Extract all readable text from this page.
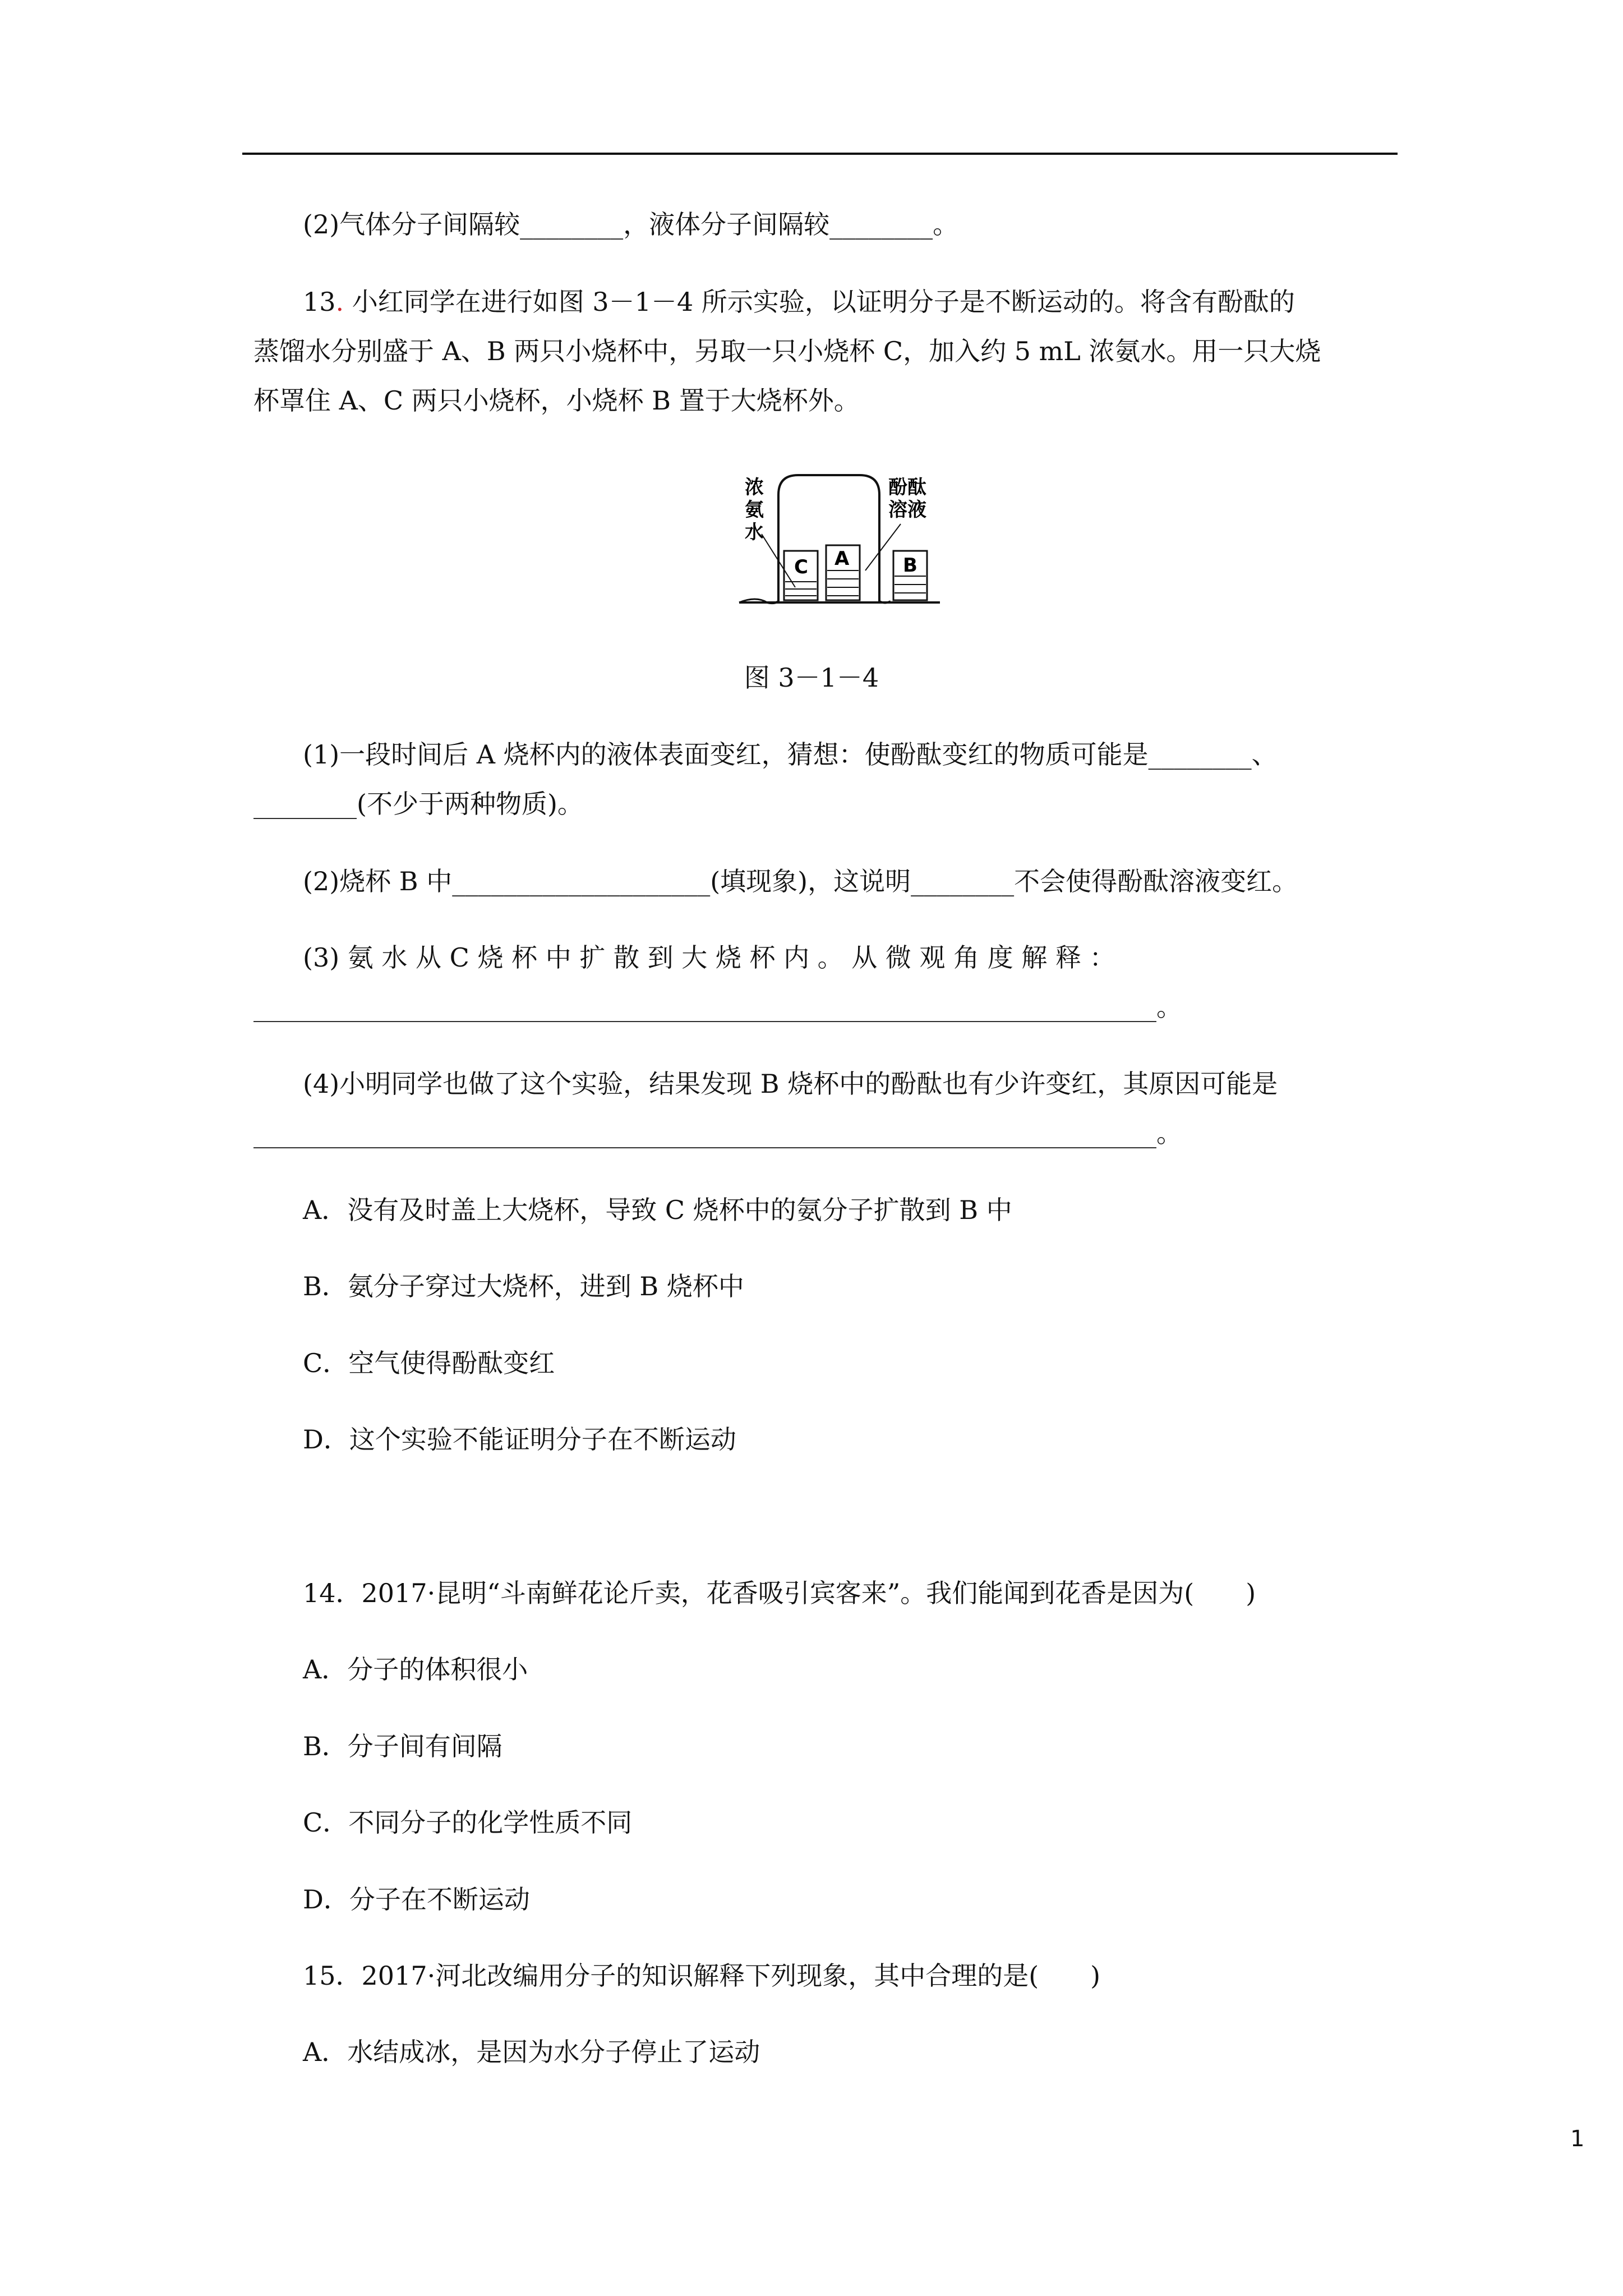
(2)气体分子间隔较________，液体分子间隔较________。
13. 小红同学在进行如图 3－1－4 所示实验，以证明分子是不断运动的。将含有酚酞的
蒸馏水分别盛于 A、B 两只小烧杯中，另取一只小烧杯 C，加入约 5 mL 浓氨水。用一只大烧
杯罩住 A、C 两只小烧杯，小烧杯 B 置于大烧杯外。
C A	B
浓
氨
水
酚酞
溶液
图 3－1－4
(1)一段时间后 A 烧杯内的液体表面变红，猜想：使酚酞变红的物质可能是________、
________(不少于两种物质)。
(2)烧杯 B 中____________________(填现象)，这说明________不会使得酚酞溶液变红。
(3) 氨 水 从 C 烧 杯 中 扩 散 到 大 烧 杯 内 。 从 微 观 角 度 解 释 ：
______________________________________________________________________。
(4)小明同学也做了这个实验，结果发现 B 烧杯中的酚酞也有少许变红，其原因可能是
______________________________________________________________________。
A．没有及时盖上大烧杯，导致 C 烧杯中的氨分子扩散到 B 中
B．氨分子穿过大烧杯，进到 B 烧杯中
C．空气使得酚酞变红
D．这个实验不能证明分子在不断运动
14．2017·昆明“斗南鲜花论斤卖，花香吸引宾客来”。我们能闻到花香是因为(　　)
A．分子的体积很小
B．分子间有间隔
C．不同分子的化学性质不同
D．分子在不断运动
15．2017·河北改编用分子的知识解释下列现象，其中合理的是(　　)
A．水结成冰，是因为水分子停止了运动
1
